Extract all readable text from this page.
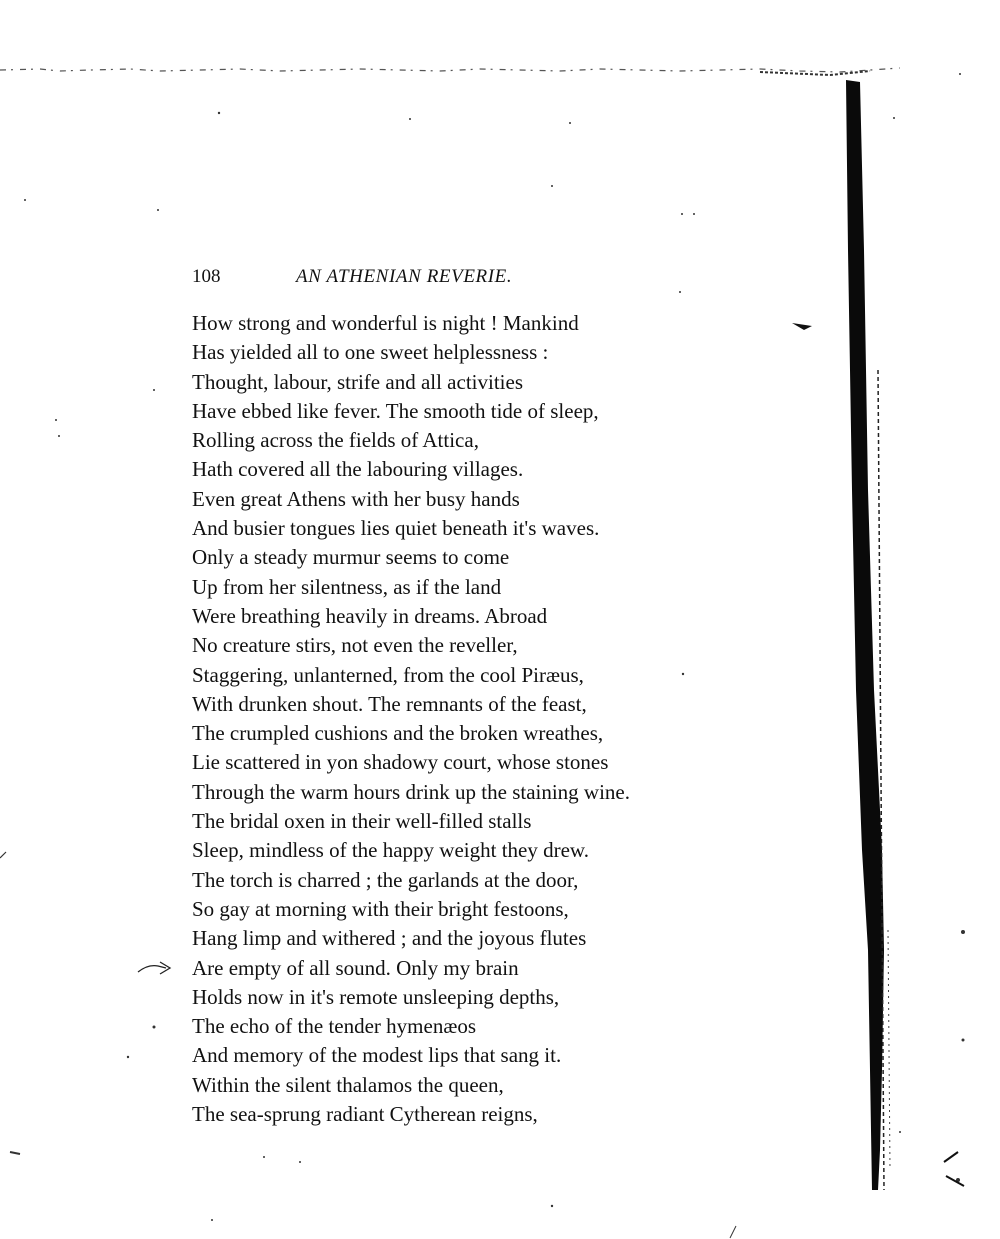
108	AN ATHENIAN REVERIE.
How strong and wonderful is night ! Mankind
Has yielded all to one sweet helplessness :
Thought, labour, strife and all activities
Have ebbed like fever. The smooth tide of sleep,
Rolling across the fields of Attica,
Hath covered all the labouring villages.
Even great Athens with her busy hands
And busier tongues lies quiet beneath it's waves.
Only a steady murmur seems to come
Up from her silentness, as if the land
Were breathing heavily in dreams. Abroad
No creature stirs, not even the reveller,
Staggering, unlanterned, from the cool Piræus,
With drunken shout. The remnants of the feast,
The crumpled cushions and the broken wreathes,
Lie scattered in yon shadowy court, whose stones
Through the warm hours drink up the staining wine.
The bridal oxen in their well-filled stalls
Sleep, mindless of the happy weight they drew.
The torch is charred ; the garlands at the door,
So gay at morning with their bright festoons,
Hang limp and withered ; and the joyous flutes
Are empty of all sound. Only my brain
Holds now in it's remote unsleeping depths,
The echo of the tender hymenæos
And memory of the modest lips that sang it.
Within the silent thalamos the queen,
The sea-sprung radiant Cytherean reigns,
